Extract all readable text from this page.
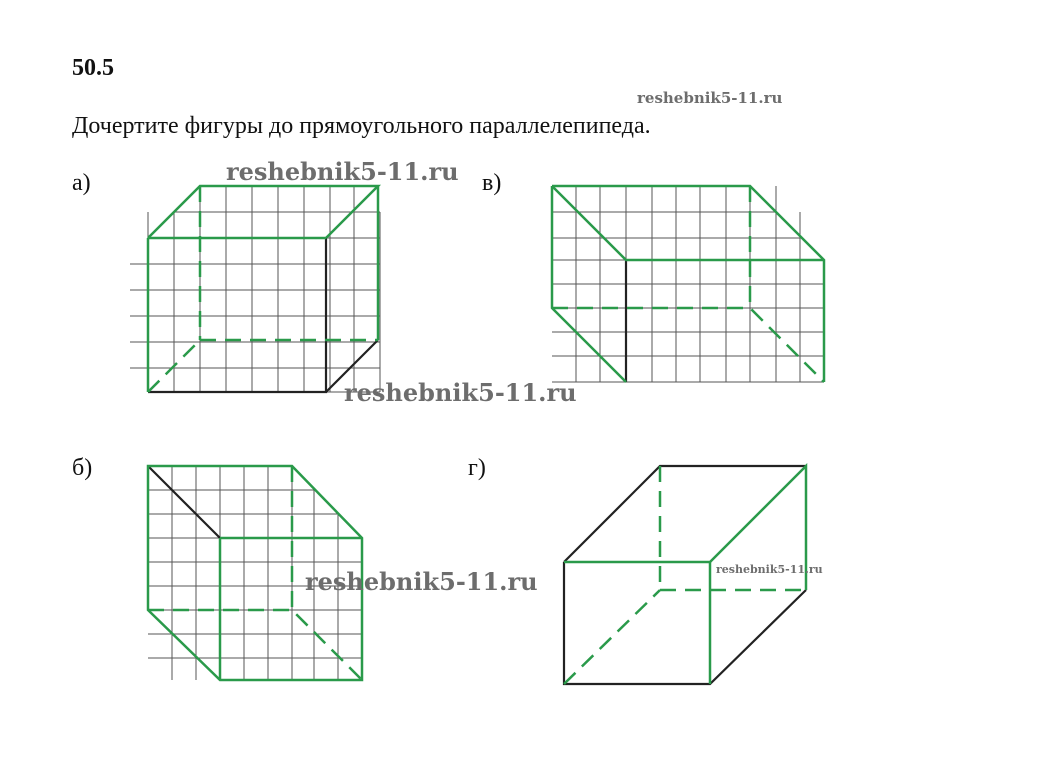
50.5
Дочертите фигуры до прямоугольного параллелепипеда.
а)	в)
б)	г)
reshebnik5-11.ru
reshebnik5-11.ru
reshebnik5-11.ru
reshebnik5-11.ru	reshebnik5-11.ru
